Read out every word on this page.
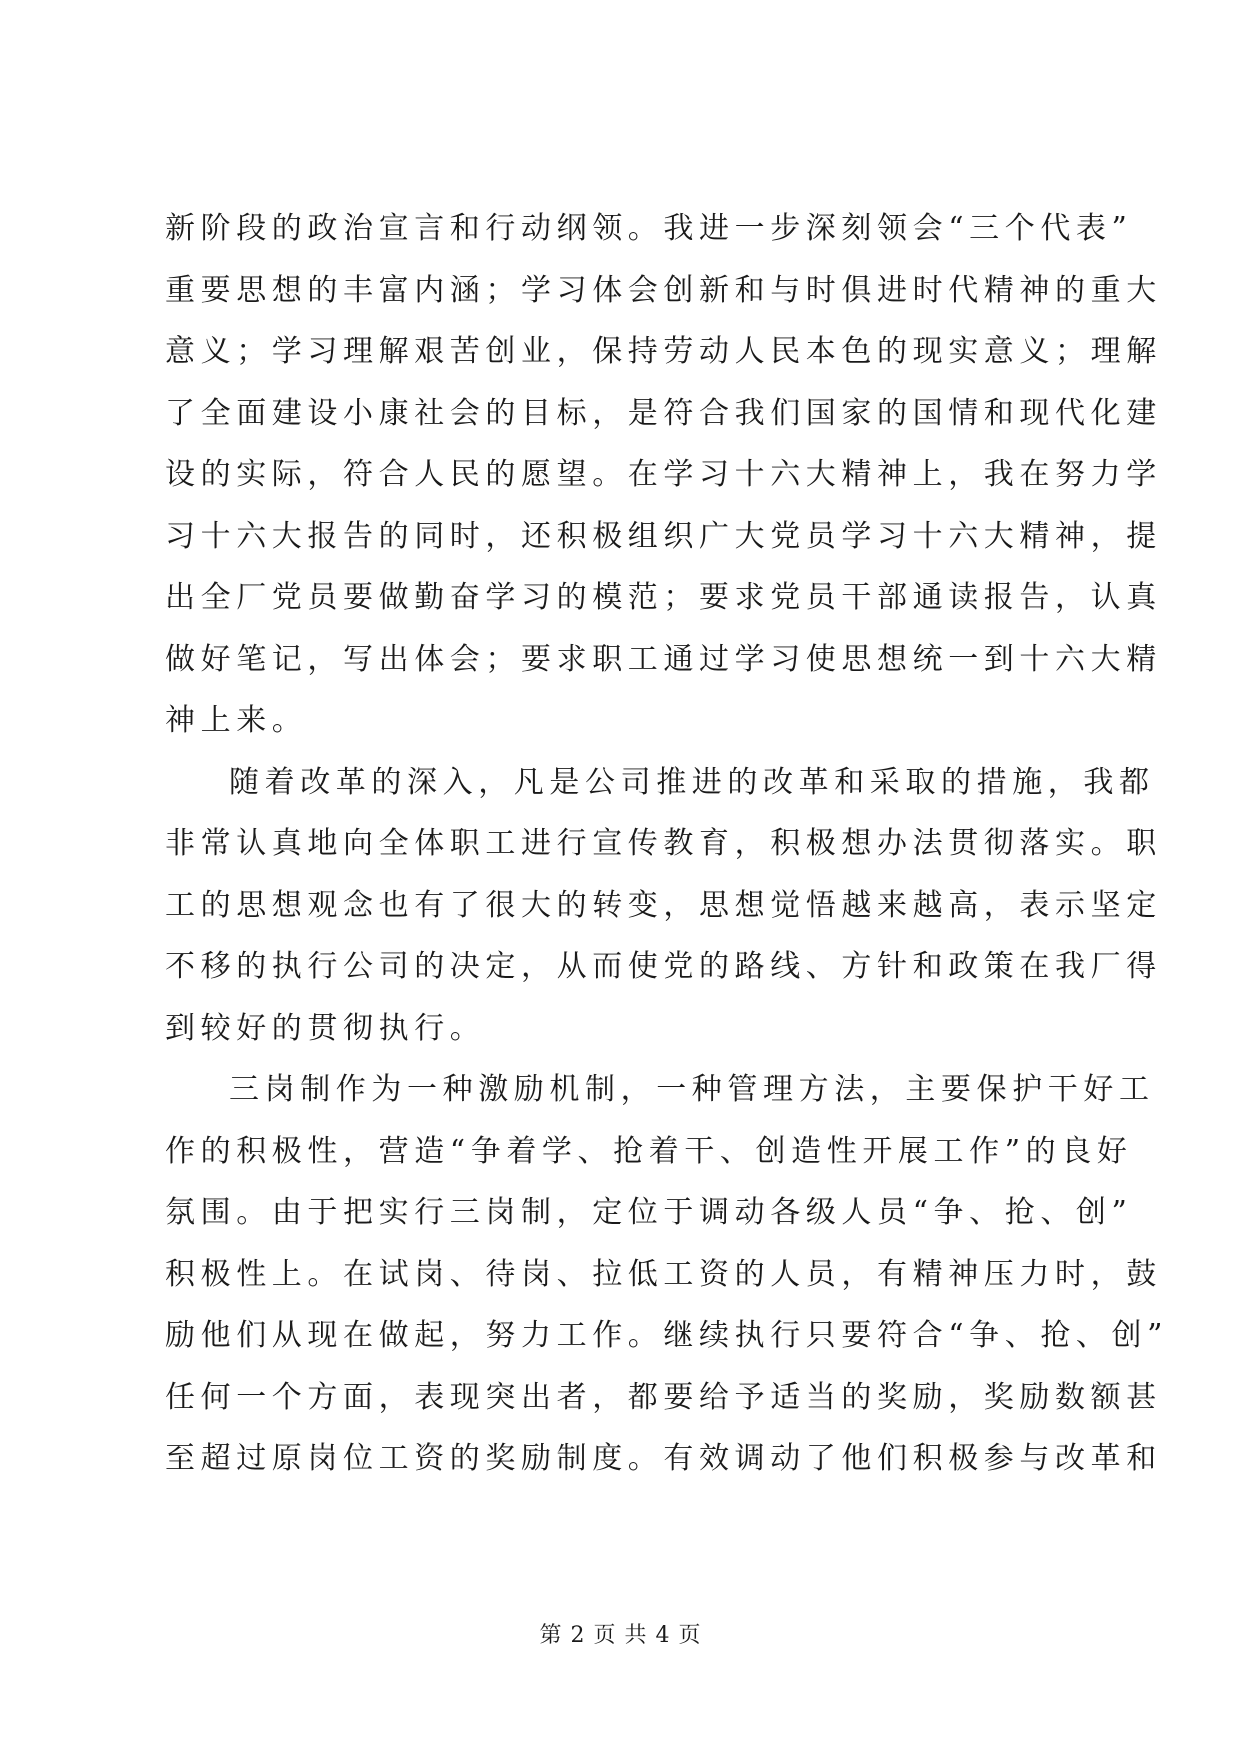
新阶段的政治宣言和行动纲领。我进一步深刻领会“三个代表”
重要思想的丰富内涵；学习体会创新和与时俱进时代精神的重大
意义；学习理解艰苦创业，保持劳动人民本色的现实意义；理解
了全面建设小康社会的目标，是符合我们国家的国情和现代化建
设的实际，符合人民的愿望。在学习十六大精神上，我在努力学
习十六大报告的同时，还积极组织广大党员学习十六大精神，提
出全厂党员要做勤奋学习的模范；要求党员干部通读报告，认真
做好笔记，写出体会；要求职工通过学习使思想统一到十六大精
神上来。
随着改革的深入，凡是公司推进的改革和采取的措施，我都
非常认真地向全体职工进行宣传教育，积极想办法贯彻落实。职
工的思想观念也有了很大的转变，思想觉悟越来越高，表示坚定
不移的执行公司的决定，从而使党的路线、方针和政策在我厂得
到较好的贯彻执行。
三岗制作为一种激励机制，一种管理方法，主要保护干好工
作的积极性，营造“争着学、抢着干、创造性开展工作”的良好
氛围。由于把实行三岗制，定位于调动各级人员“争、抢、创”
积极性上。在试岗、待岗、拉低工资的人员，有精神压力时，鼓
励他们从现在做起，努力工作。继续执行只要符合“争、抢、创”
任何一个方面，表现突出者，都要给予适当的奖励，奖励数额甚
至超过原岗位工资的奖励制度。有效调动了他们积极参与改革和
第 2 页 共 4 页
